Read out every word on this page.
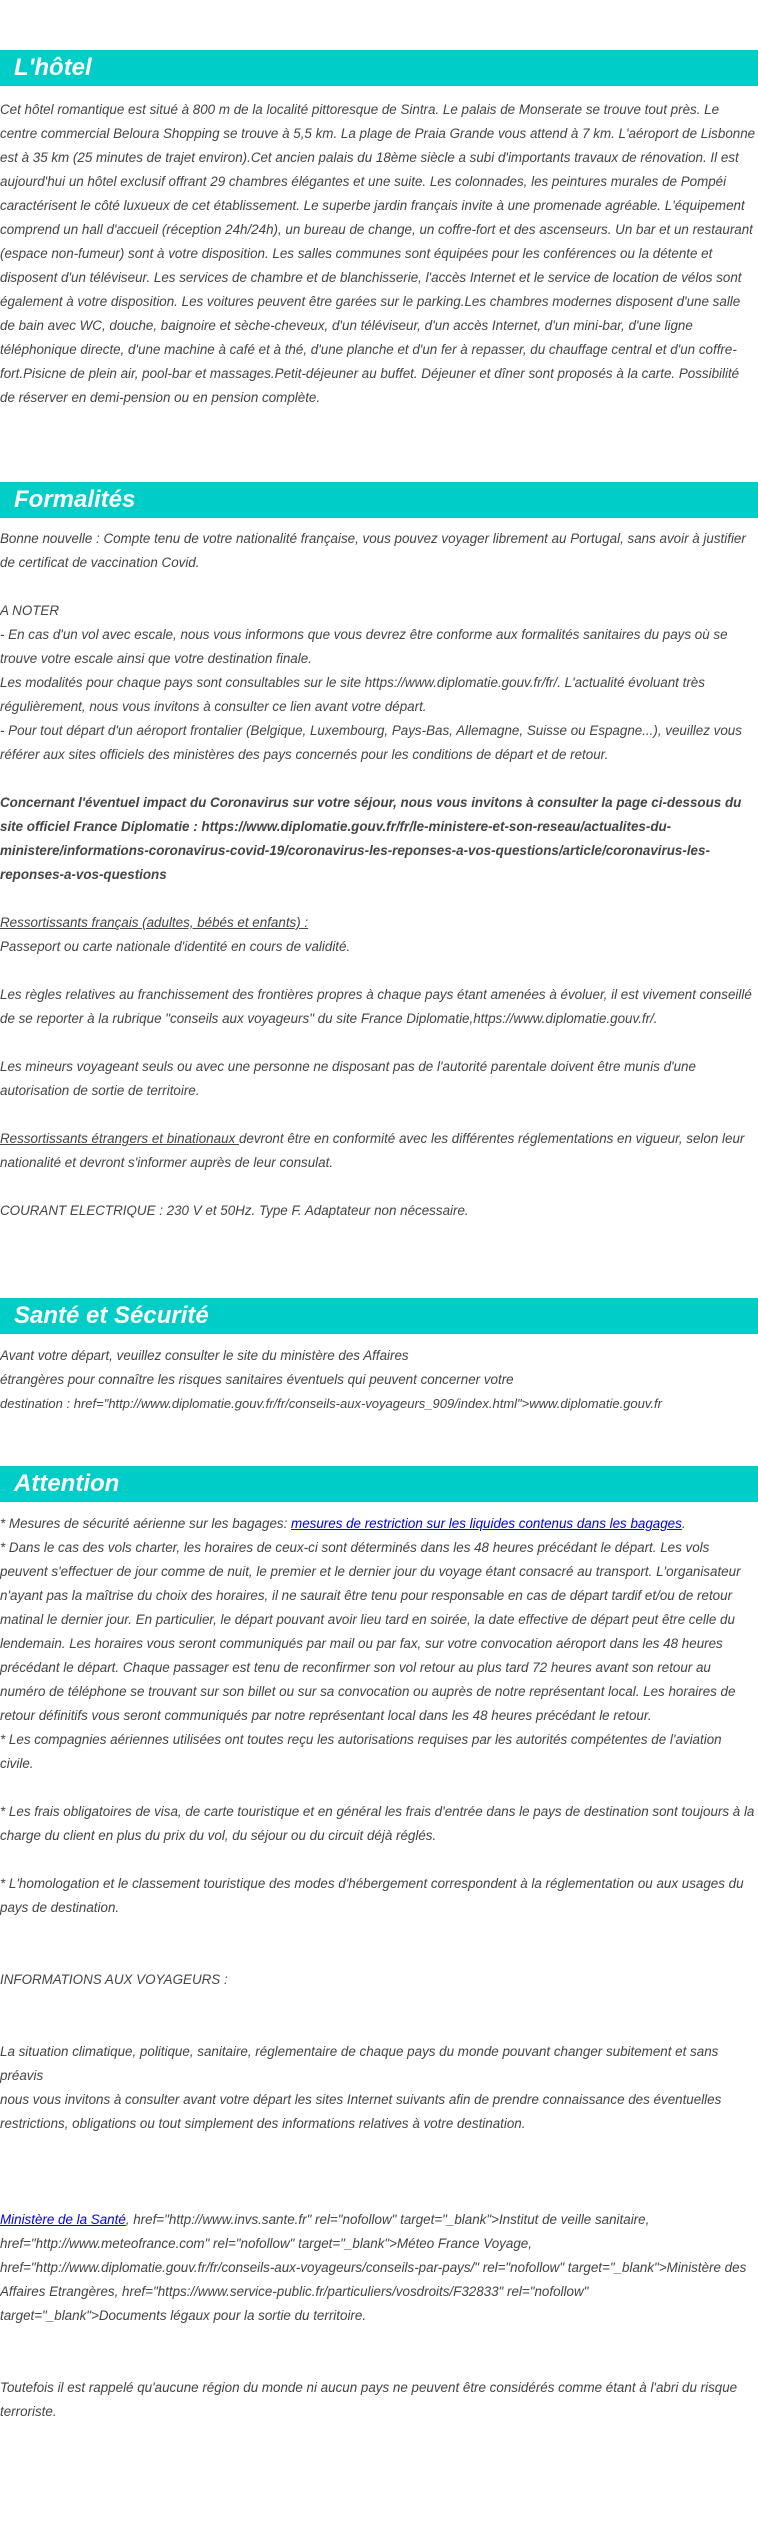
L'hôtel

Cet hôtel romantique est situé à 800 m de la localité pittoresque de Sintra. Le palais de Monserate se trouve tout près. Le centre commercial Beloura Shopping se trouve à 5,5 km. La plage de Praia Grande vous attend à 7 km. L'aéroport de Lisbonne est à 35 km (25 minutes de trajet environ).Cet ancien palais du 18ème siècle a subi d'importants travaux de rénovation. Il est aujourd'hui un hôtel exclusif offrant 29 chambres élégantes et une suite. Les colonnades, les peintures murales de Pompéi caractérisent le côté luxueux de cet établissement. Le superbe jardin français invite à une promenade agréable. L'équipement comprend un hall d'accueil (réception 24h/24h), un bureau de change, un coffre-fort et des ascenseurs. Un bar et un restaurant (espace non-fumeur) sont à votre disposition. Les salles communes sont équipées pour les conférences ou la détente et disposent d'un téléviseur. Les services de chambre et de blanchisserie, l'accès Internet et le service de location de vélos sont également à votre disposition. Les voitures peuvent être garées sur le parking.Les chambres modernes disposent d'une salle de bain avec WC, douche, baignoire et sèche-cheveux, d'un téléviseur, d'un accès Internet, d'un mini-bar, d'une ligne téléphonique directe, d'une machine à café et à thé, d'une planche et d'un fer à repasser, du chauffage central et d'un coffre-fort.Pisicne de plein air, pool-bar et massages.Petit-déjeuner au buffet. Déjeuner et dîner sont proposés à la carte. Possibilité de réserver en demi-pension ou en pension complète.

Formalités

Bonne nouvelle : Compte tenu de votre nationalité française, vous pouvez voyager librement au Portugal, sans avoir à justifier de certificat de vaccination Covid.

A NOTER

- En cas d'un vol avec escale, nous vous informons que vous devrez être conforme aux formalités sanitaires du pays où se trouve votre escale ainsi que votre destination finale.

Les modalités pour chaque pays sont consultables sur le site https://www.diplomatie.gouv.fr/fr/. L'actualité évoluant très régulièrement, nous vous invitons à consulter ce lien avant votre départ.

- Pour tout départ d'un aéroport frontalier (Belgique, Luxembourg, Pays-Bas, Allemagne, Suisse ou Espagne...), veuillez vous référer aux sites officiels des ministères des pays concernés pour les conditions de départ et de retour.

Concernant l'éventuel impact du Coronavirus sur votre séjour, nous vous invitons à consulter la page ci-dessous du site officiel France Diplomatie : https://www.diplomatie.gouv.fr/fr/le-ministere-et-son-reseau/actualites-du-ministere/informations-coronavirus-covid-19/coronavirus-les-reponses-a-vos-questions/article/coronavirus-les-reponses-a-vos-questions

Ressortissants français (adultes, bébés et enfants) :

Passeport ou carte nationale d'identité en cours de validité.

Les règles relatives au franchissement des frontières propres à chaque pays étant amenées à évoluer, il est vivement conseillé de se reporter à la rubrique "conseils aux voyageurs" du site France Diplomatie,https://www.diplomatie.gouv.fr/.

Les mineurs voyageant seuls ou avec une personne ne disposant pas de l'autorité parentale doivent être munis d'une autorisation de sortie de territoire.

Ressortissants étrangers et binationaux devront être en conformité avec les différentes réglementations en vigueur, selon leur nationalité et devront s'informer auprès de leur consulat.

COURANT ELECTRIQUE : 230 V et 50Hz. Type F. Adaptateur non nécessaire.

Santé et Sécurité

Avant votre départ, veuillez consulter le site du ministère des Affaires

étrangères pour connaître les risques sanitaires éventuels qui peuvent concerner votre

destination : href="http://www.diplomatie.gouv.fr/fr/conseils-aux-voyageurs_909/index.html">www.diplomatie.gouv.fr

Attention

* Mesures de sécurité aérienne sur les bagages: mesures de restriction sur les liquides contenus dans les bagages.

* Dans le cas des vols charter, les horaires de ceux-ci sont déterminés dans les 48 heures précédant le départ. Les vols peuvent s'effectuer de jour comme de nuit, le premier et le dernier jour du voyage étant consacré au transport. L'organisateur n'ayant pas la maîtrise du choix des horaires, il ne saurait être tenu pour responsable en cas de départ tardif et/ou de retour matinal le dernier jour. En particulier, le départ pouvant avoir lieu tard en soirée, la date effective de départ peut être celle du lendemain. Les horaires vous seront communiqués par mail ou par fax, sur votre convocation aéroport dans les 48 heures précédant le départ. Chaque passager est tenu de reconfirmer son vol retour au plus tard 72 heures avant son retour au numéro de téléphone se trouvant sur son billet ou sur sa convocation ou auprès de notre représentant local. Les horaires de retour définitifs vous seront communiqués par notre représentant local dans les 48 heures précédant le retour.

* Les compagnies aériennes utilisées ont toutes reçu les autorisations requises par les autorités compétentes de l'aviation civile.

* Les frais obligatoires de visa, de carte touristique et en général les frais d'entrée dans le pays de destination sont toujours à la charge du client en plus du prix du vol, du séjour ou du circuit déjà réglés.

* L'homologation et le classement touristique des modes d'hébergement correspondent à la réglementation ou aux usages du pays de destination.

INFORMATIONS AUX VOYAGEURS :

La situation climatique, politique, sanitaire, réglementaire de chaque pays du monde pouvant changer subitement et sans préavis

nous vous invitons à consulter avant votre départ les sites Internet suivants afin de prendre connaissance des éventuelles restrictions, obligations ou tout simplement des informations relatives à votre destination.

Ministère de la Santé, href="http://www.invs.sante.fr" rel="nofollow" target="_blank">Institut de veille sanitaire, href="http://www.meteofrance.com" rel="nofollow" target="_blank">Méteo France Voyage, href="http://www.diplomatie.gouv.fr/fr/conseils-aux-voyageurs/conseils-par-pays/" rel="nofollow" target="_blank">Ministère des Affaires Etrangères, href="https://www.service-public.fr/particuliers/vosdroits/F32833" rel="nofollow" target="_blank">Documents légaux pour la sortie du territoire.

Toutefois il est rappelé qu'aucune région du monde ni aucun pays ne peuvent être considérés comme étant à l'abri du risque terroriste.
